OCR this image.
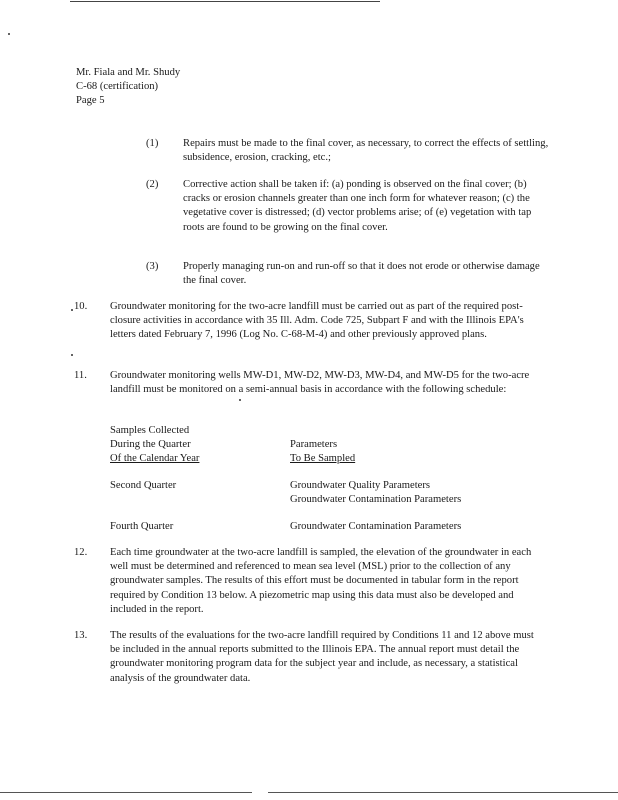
Mr. Fiala and Mr. Shudy
C-68 (certification)
Page 5
(1) Repairs must be made to the final cover, as necessary, to correct the effects of settling, subsidence, erosion, cracking, etc.;
(2) Corrective action shall be taken if: (a) ponding is observed on the final cover; (b) cracks or erosion channels greater than one inch form for whatever reason; (c) the vegetative cover is distressed; (d) vector problems arise; of (e) vegetation with tap roots are found to be growing on the final cover.
(3) Properly managing run-on and run-off so that it does not erode or otherwise damage the final cover.
10. Groundwater monitoring for the two-acre landfill must be carried out as part of the required post-closure activities in accordance with 35 Ill. Adm. Code 725, Subpart F and with the Illinois EPA's letters dated February 7, 1996 (Log No. C-68-M-4) and other previously approved plans.
11. Groundwater monitoring wells MW-D1, MW-D2, MW-D3, MW-D4, and MW-D5 for the two-acre landfill must be monitored on a semi-annual basis in accordance with the following schedule:
Samples Collected
During the Quarter
Of the Calendar Year
Parameters
To Be Sampled
Second Quarter	Groundwater Quality Parameters
Groundwater Contamination Parameters
Fourth Quarter	Groundwater Contamination Parameters
12. Each time groundwater at the two-acre landfill is sampled, the elevation of the groundwater in each well must be determined and referenced to mean sea level (MSL) prior to the collection of any groundwater samples. The results of this effort must be documented in tabular form in the report required by Condition 13 below. A piezometric map using this data must also be developed and included in the report.
13. The results of the evaluations for the two-acre landfill required by Conditions 11 and 12 above must be included in the annual reports submitted to the Illinois EPA. The annual report must detail the groundwater monitoring program data for the subject year and include, as necessary, a statistical analysis of the groundwater data.
